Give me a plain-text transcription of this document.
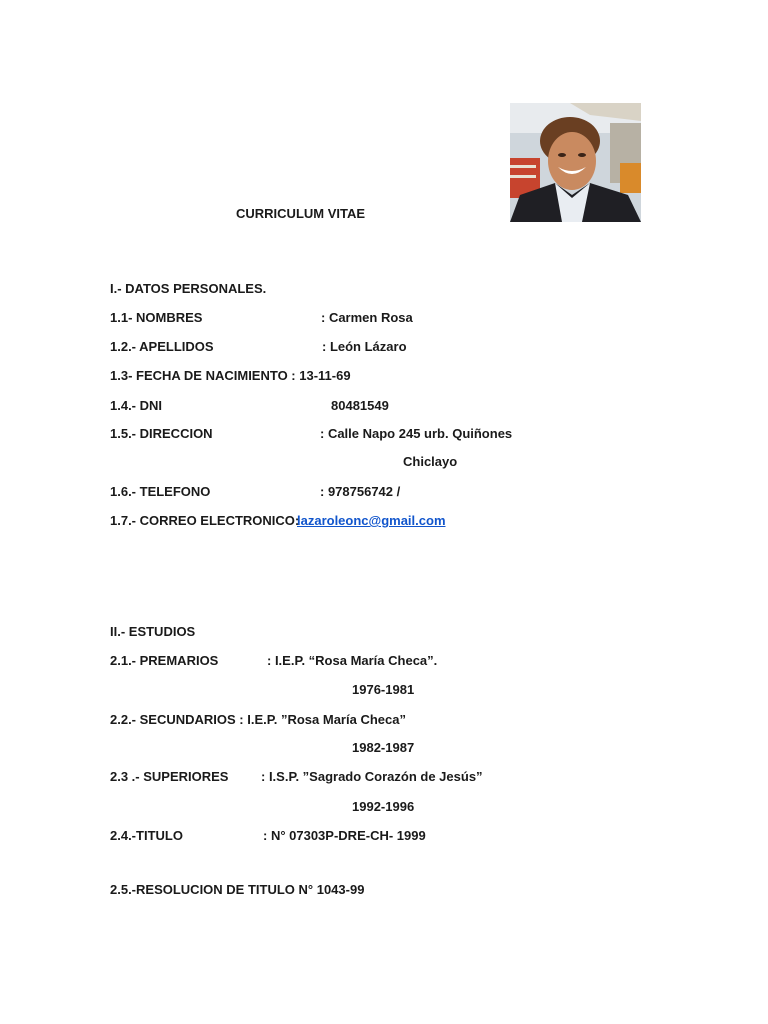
CURRICULUM VITAE
I.- DATOS PERSONALES.
1.1- NOMBRES	: Carmen Rosa
1.2.- APELLIDOS	: León Lázaro
1.3- FECHA DE NACIMIENTO : 13-11-69
1.4.- DNI	80481549
1.5.- DIRECCION	: Calle Napo 245 urb. Quiñones
Chiclayo
1.6.- TELEFONO	: 978756742 /
1.7.- CORREO ELECTRONICO:
lazaroleonc@gmail.com
II.- ESTUDIOS
2.1.- PREMARIOS	: I.E.P. “Rosa María Checa”.
1976-1981
2.2.- SECUNDARIOS : I.E.P. ”Rosa María Checa”
1982-1987
2.3 .- SUPERIORES	: I.S.P. ”Sagrado Corazón de Jesús”
1992-1996
2.4.-TITULO	: N° 07303P-DRE-CH- 1999
2.5.-RESOLUCION DE TITULO N° 1043-99
